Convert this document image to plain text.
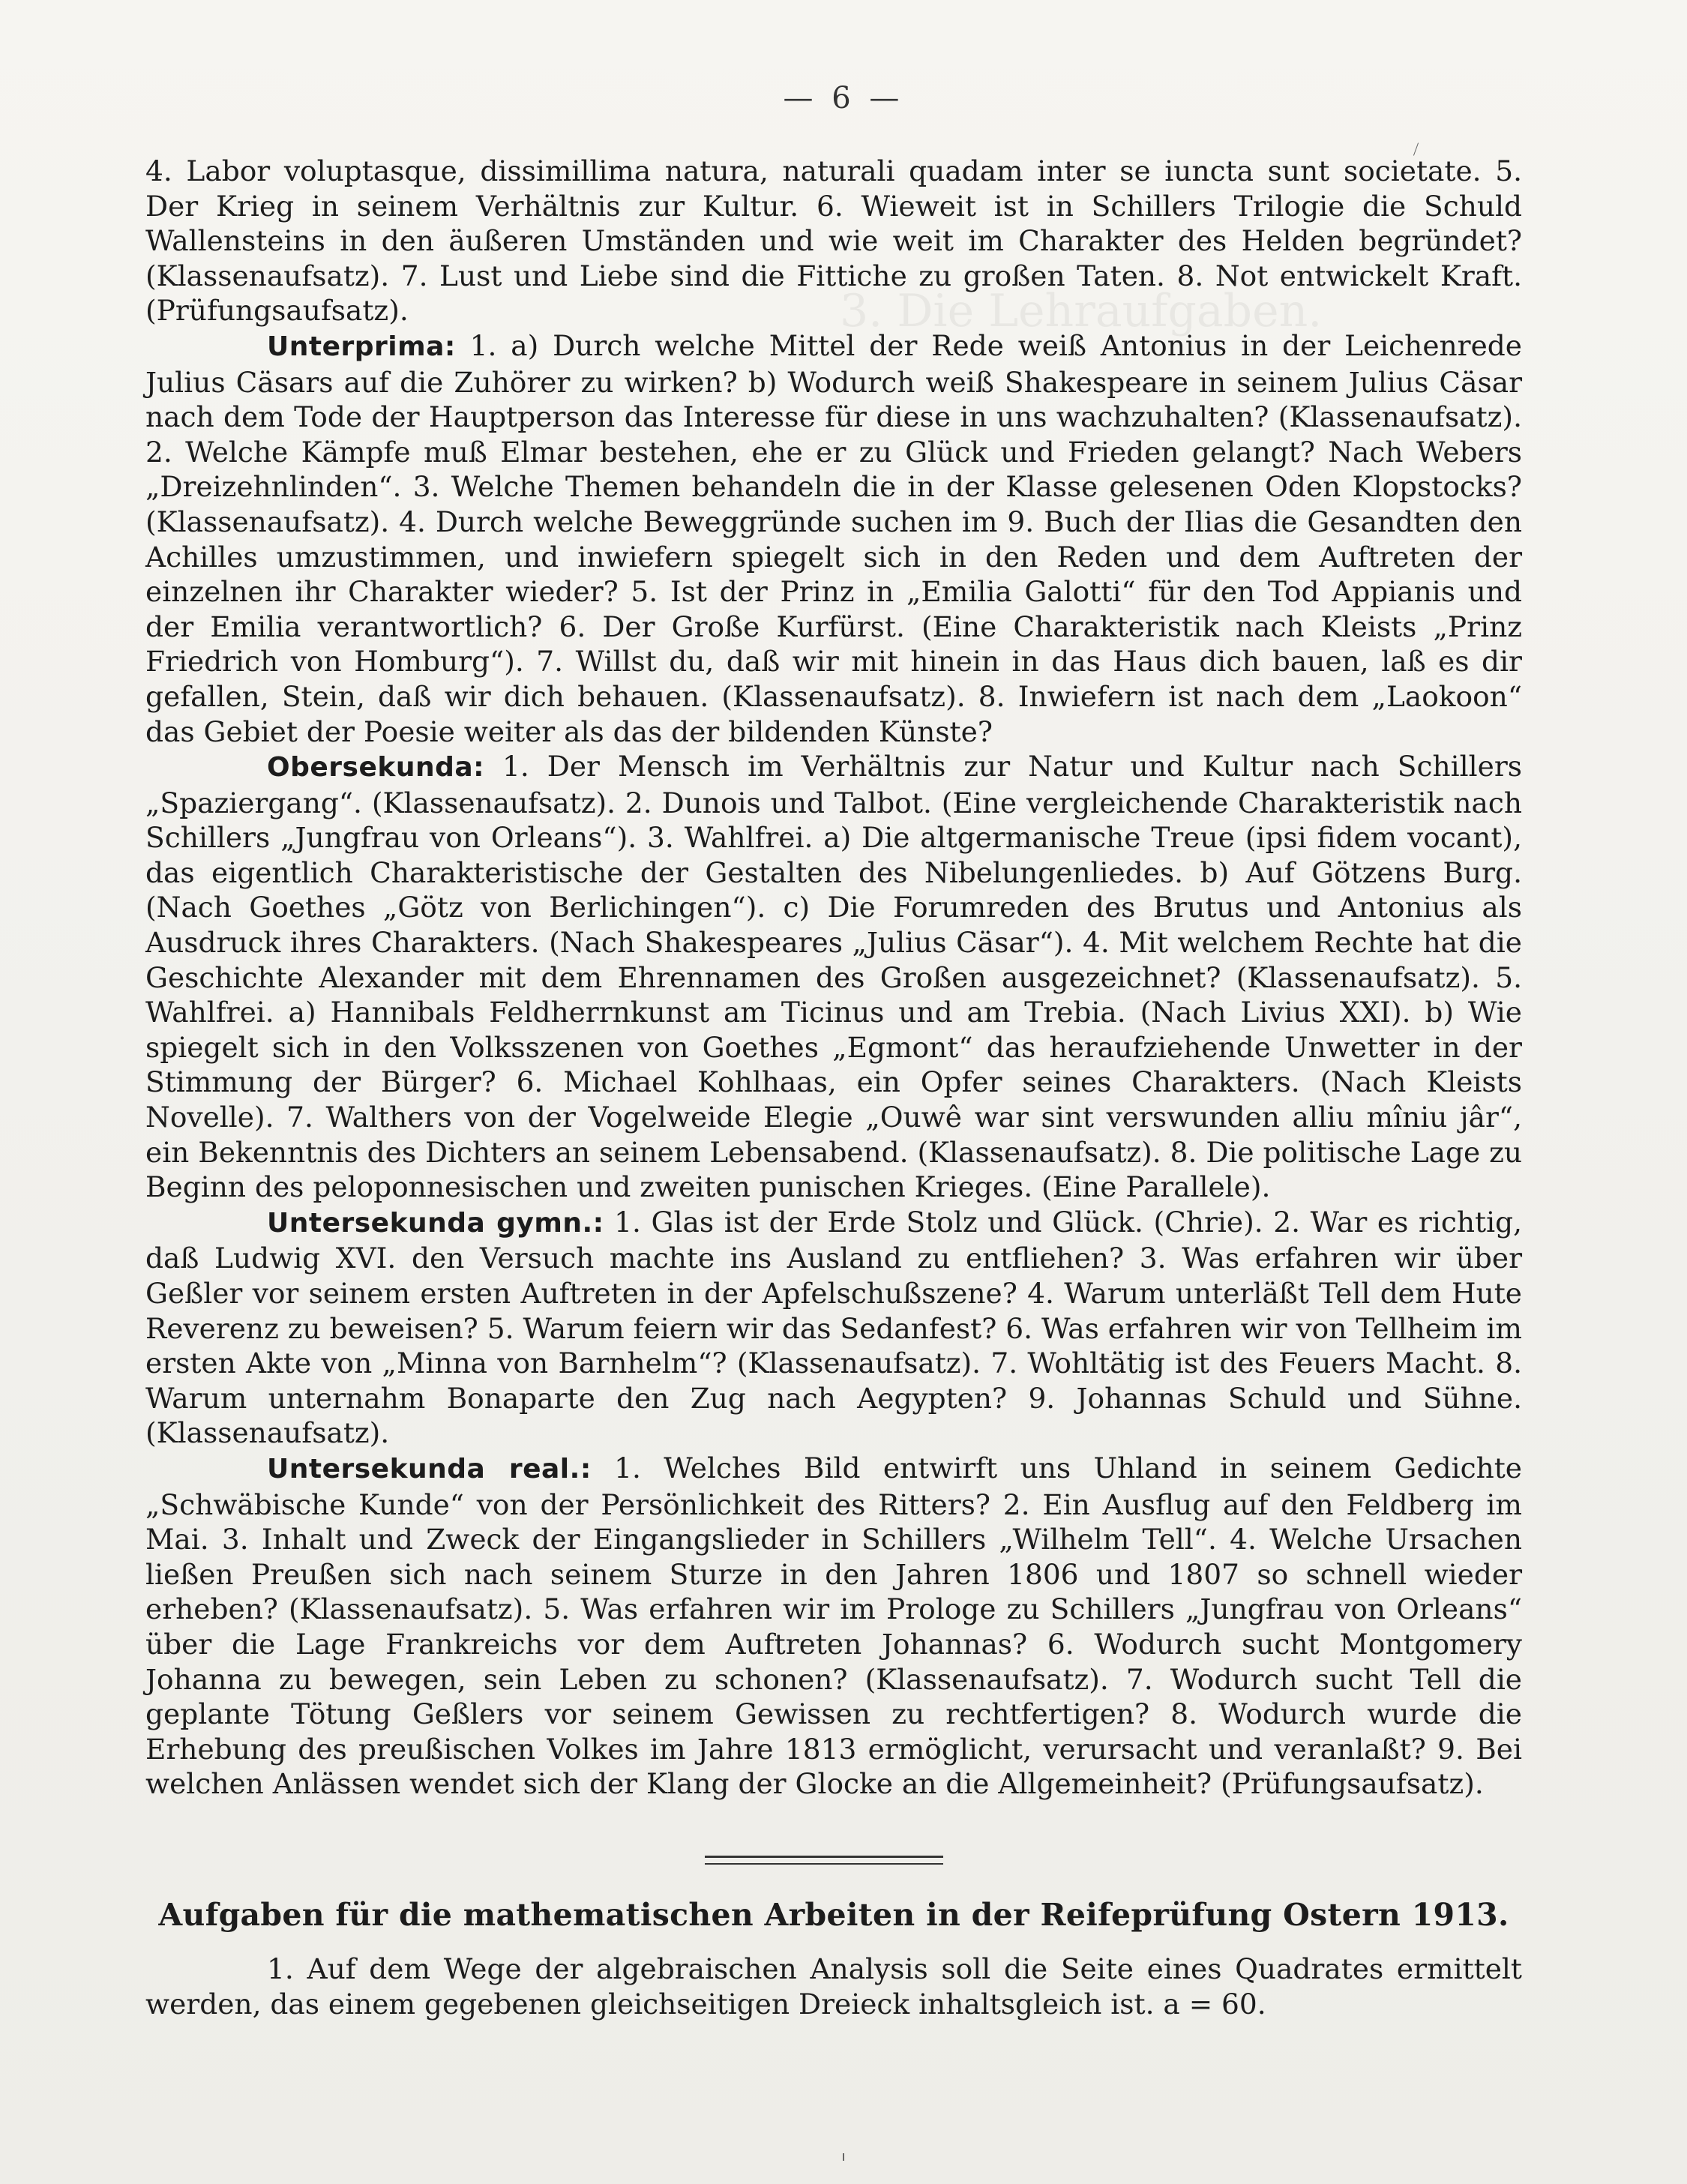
3. Die Lehraufgaben.
— 6 —

4. Labor voluptasque, dissimillima natura, naturali quadam inter se iuncta sunt societate. 5. Der Krieg in seinem Verhältnis zur Kultur. 6. Wieweit ist in Schillers Trilogie die Schuld Wallensteins in den äußeren Umständen und wie weit im Charakter des Helden begründet? (Klassenaufsatz). 7. Lust und Liebe sind die Fittiche zu großen Taten. 8. Not entwickelt Kraft. (Prüfungsaufsatz).

Unterprima: 1. a) Durch welche Mittel der Rede weiß Antonius in der Leichenrede Julius Cäsars auf die Zuhörer zu wirken? b) Wodurch weiß Shakespeare in seinem Julius Cäsar nach dem Tode der Hauptperson das Interesse für diese in uns wachzuhalten? (Klassenaufsatz). 2. Welche Kämpfe muß Elmar bestehen, ehe er zu Glück und Frieden gelangt? Nach Webers „Dreizehnlinden“. 3. Welche Themen behandeln die in der Klasse gelesenen Oden Klopstocks? (Klassenaufsatz). 4. Durch welche Beweggründe suchen im 9. Buch der Ilias die Gesandten den Achilles umzustimmen, und inwiefern spiegelt sich in den Reden und dem Auftreten der einzelnen ihr Charakter wieder? 5. Ist der Prinz in „Emilia Galotti“ für den Tod Appianis und der Emilia verantwortlich? 6. Der Große Kurfürst. (Eine Charakteristik nach Kleists „Prinz Friedrich von Homburg“). 7. Willst du, daß wir mit hinein in das Haus dich bauen, laß es dir gefallen, Stein, daß wir dich behauen. (Klassenaufsatz). 8. Inwiefern ist nach dem „Laokoon“ das Gebiet der Poesie weiter als das der bildenden Künste?

Obersekunda: 1. Der Mensch im Verhältnis zur Natur und Kultur nach Schillers „Spaziergang“. (Klassenaufsatz). 2. Dunois und Talbot. (Eine vergleichende Charakteristik nach Schillers „Jungfrau von Orleans“). 3. Wahlfrei. a) Die altgermanische Treue (ipsi fidem vocant), das eigentlich Charakteristische der Gestalten des Nibelungenliedes. b) Auf Götzens Burg. (Nach Goethes „Götz von Berlichingen“). c) Die Forumreden des Brutus und Antonius als Ausdruck ihres Charakters. (Nach Shakespeares „Julius Cäsar“). 4. Mit welchem Rechte hat die Geschichte Alexander mit dem Ehrennamen des Großen ausgezeichnet? (Klassenaufsatz). 5. Wahlfrei. a) Hannibals Feldherrnkunst am Ticinus und am Trebia. (Nach Livius XXI). b) Wie spiegelt sich in den Volksszenen von Goethes „Egmont“ das heraufziehende Unwetter in der Stimmung der Bürger? 6. Michael Kohlhaas, ein Opfer seines Charakters. (Nach Kleists Novelle). 7. Walthers von der Vogelweide Elegie „Ouwê war sint verswunden alliu mîniu jâr“, ein Bekenntnis des Dichters an seinem Lebensabend. (Klassenaufsatz). 8. Die politische Lage zu Beginn des peloponnesischen und zweiten punischen Krieges. (Eine Parallele).

Untersekunda gymn.: 1. Glas ist der Erde Stolz und Glück. (Chrie). 2. War es richtig, daß Ludwig XVI. den Versuch machte ins Ausland zu entfliehen? 3. Was erfahren wir über Geßler vor seinem ersten Auftreten in der Apfelschußszene? 4. Warum unterläßt Tell dem Hute Reverenz zu beweisen? 5. Warum feiern wir das Sedanfest? 6. Was erfahren wir von Tellheim im ersten Akte von „Minna von Barnhelm“? (Klassenaufsatz). 7. Wohltätig ist des Feuers Macht. 8. Warum unternahm Bonaparte den Zug nach Aegypten? 9. Johannas Schuld und Sühne. (Klassenaufsatz).

Untersekunda real.: 1. Welches Bild entwirft uns Uhland in seinem Gedichte „Schwäbische Kunde“ von der Persönlichkeit des Ritters? 2. Ein Ausflug auf den Feldberg im Mai. 3. Inhalt und Zweck der Eingangslieder in Schillers „Wilhelm Tell“. 4. Welche Ursachen ließen Preußen sich nach seinem Sturze in den Jahren 1806 und 1807 so schnell wieder erheben? (Klassenaufsatz). 5. Was erfahren wir im Prologe zu Schillers „Jungfrau von Orleans“ über die Lage Frankreichs vor dem Auftreten Johannas? 6. Wodurch sucht Montgomery Johanna zu bewegen, sein Leben zu schonen? (Klassenaufsatz). 7. Wodurch sucht Tell die geplante Tötung Geßlers vor seinem Gewissen zu rechtfertigen? 8. Wodurch wurde die Erhebung des preußischen Volkes im Jahre 1813 ermöglicht, verursacht und veranlaßt? 9. Bei welchen Anlässen wendet sich der Klang der Glocke an die Allgemeinheit? (Prüfungsaufsatz).

Aufgaben für die mathematischen Arbeiten in der Reifeprüfung Ostern 1913.

1. Auf dem Wege der algebraischen Analysis soll die Seite eines Quadrates ermittelt werden, das einem gegebenen gleichseitigen Dreieck inhaltsgleich ist. a = 60.
